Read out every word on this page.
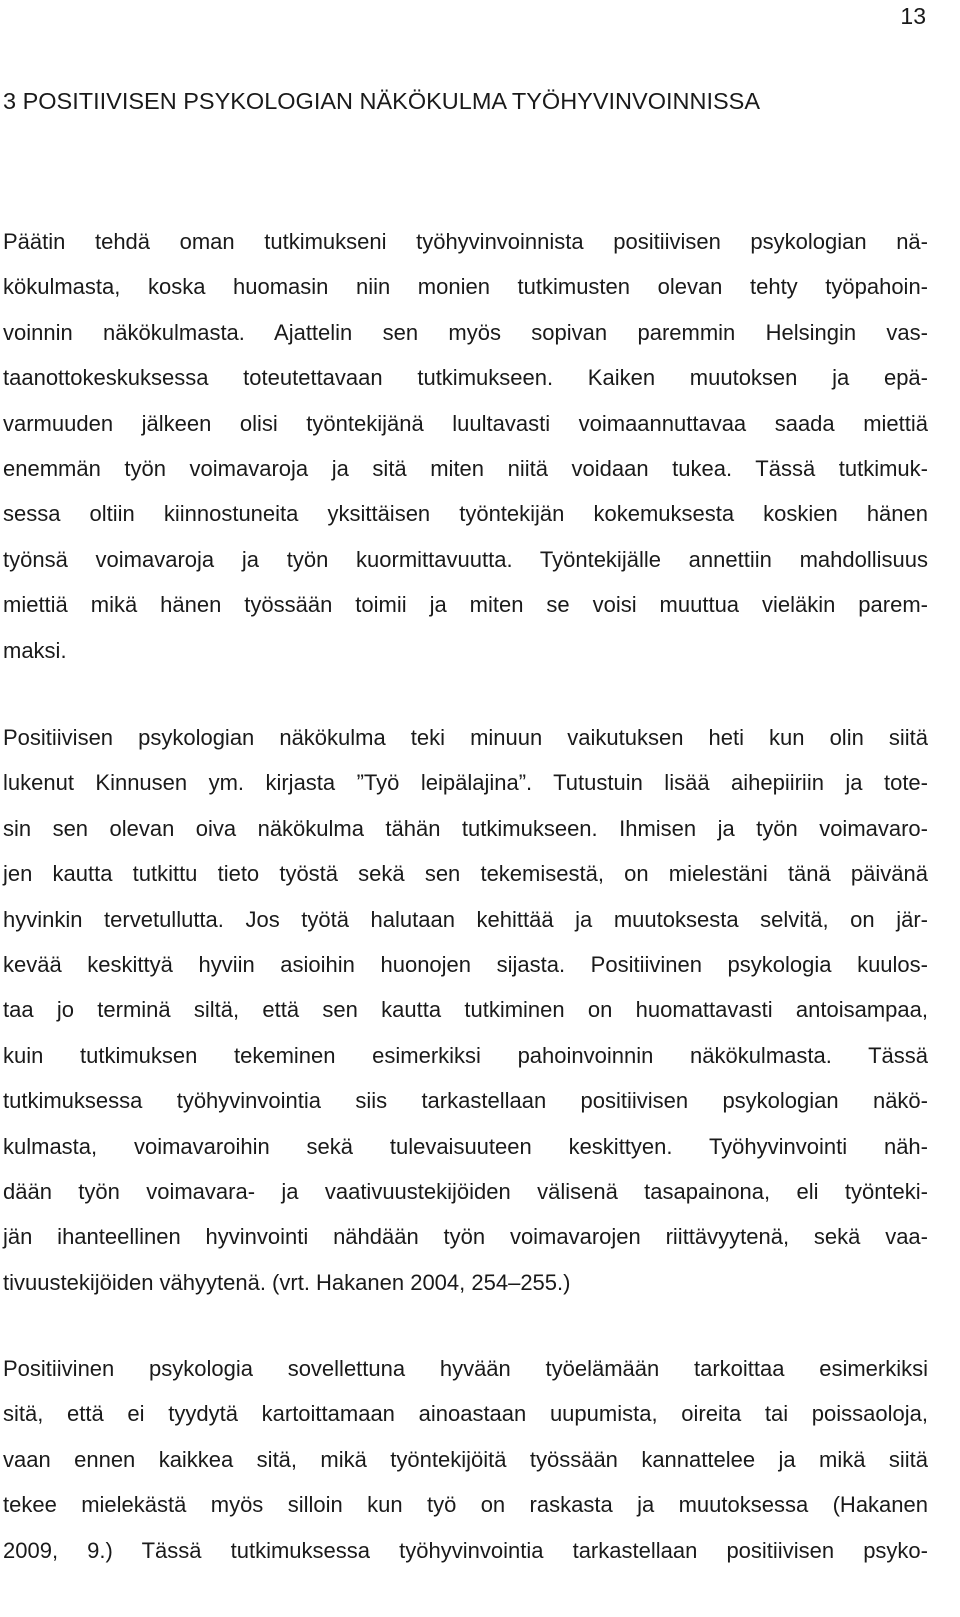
13
3 POSITIIVISEN PSYKOLOGIAN NÄKÖKULMA TYÖHYVINVOINNISSA
Päätin tehdä oman tutkimukseni työhyvinvoinnista positiivisen psykologian nä-
kökulmasta, koska huomasin niin monien tutkimusten olevan tehty työpahoin-
voinnin näkökulmasta. Ajattelin sen myös sopivan paremmin Helsingin vas-
taanottokeskuksessa toteutettavaan tutkimukseen. Kaiken muutoksen ja epä-
varmuuden jälkeen olisi työntekijänä luultavasti voimaannuttavaa saada miettiä
enemmän työn voimavaroja ja sitä miten niitä voidaan tukea. Tässä tutkimuk-
sessa oltiin kiinnostuneita yksittäisen työntekijän kokemuksesta koskien hänen
työnsä voimavaroja ja työn kuormittavuutta. Työntekijälle annettiin mahdollisuus
miettiä mikä hänen työssään toimii ja miten se voisi muuttua vieläkin parem-
maksi.
Positiivisen psykologian näkökulma teki minuun vaikutuksen heti kun olin siitä
lukenut Kinnusen ym. kirjasta ”Työ leipälajina”. Tutustuin lisää aihepiiriin ja tote-
sin sen olevan oiva näkökulma tähän tutkimukseen. Ihmisen ja työn voimavaro-
jen kautta tutkittu tieto työstä sekä sen tekemisestä, on mielestäni tänä päivänä
hyvinkin tervetullutta. Jos työtä halutaan kehittää ja muutoksesta selvitä, on jär-
kevää keskittyä hyviin asioihin huonojen sijasta. Positiivinen psykologia kuulos-
taa jo terminä siltä, että sen kautta tutkiminen on huomattavasti antoisampaa,
kuin tutkimuksen tekeminen esimerkiksi pahoinvoinnin näkökulmasta. Tässä
tutkimuksessa työhyvinvointia siis tarkastellaan positiivisen psykologian näkö-
kulmasta, voimavaroihin sekä tulevaisuuteen keskittyen. Työhyvinvointi näh-
dään työn voimavara- ja vaativuustekijöiden välisenä tasapainona, eli työnteki-
jän ihanteellinen hyvinvointi nähdään työn voimavarojen riittävyytenä, sekä vaa-
tivuustekijöiden vähyytenä. (vrt. Hakanen 2004, 254–255.)
Positiivinen psykologia sovellettuna hyvään työelämään tarkoittaa esimerkiksi
sitä, että ei tyydytä kartoittamaan ainoastaan uupumista, oireita tai poissaoloja,
vaan ennen kaikkea sitä, mikä työntekijöitä työssään kannattelee ja mikä siitä
tekee mielekästä myös silloin kun työ on raskasta ja muutoksessa (Hakanen
2009, 9.) Tässä tutkimuksessa työhyvinvointia tarkastellaan positiivisen psyko-
